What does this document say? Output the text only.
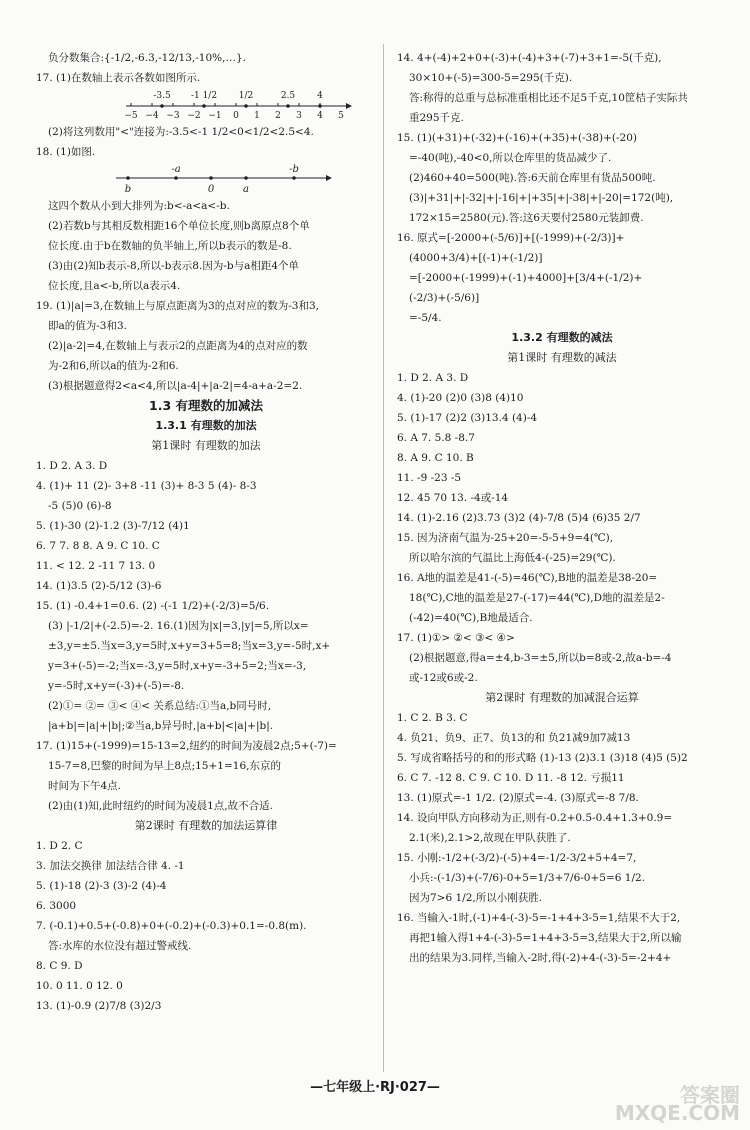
负分数集合:{-1/2,-6.3,-12/13,-10%,…}.
17. (1)在数轴上表示各数如图所示.
−5 −4 −3 −2 −1 0 1 2 3 4 5
-3.5 -1 1/2 1/2	2.5 4
(2)将这列数用"<"连接为:-3.5<-1 1/2<0<1/2<2.5<4.
18. (1)如图.
b
-a
0	a
-b
这四个数从小到大排列为:b<-a<a<-b.
(2)若数b与其相反数相距16个单位长度,则b离原点8个单
位长度.由于b在数轴的负半轴上,所以b表示的数是-8.
(3)由(2)知b表示-8,所以-b表示8.因为-b与a相距4个单
位长度,且a<-b,所以a表示4.
19. (1)|a|=3,在数轴上与原点距离为3的点对应的数为-3和3,
即a的值为-3和3.
(2)|a-2|=4,在数轴上与表示2的点距离为4的点对应的数
为-2和6,所以a的值为-2和6.
(3)根据题意得2<a<4,所以|a-4|+|a-2|=4-a+a-2=2.
1.3 有理数的加减法
1.3.1 有理数的加法
第1课时 有理数的加法
1. D 2. A 3. D
4. (1)+ 11 (2)- 3+8 -11 (3)+ 8-3 5 (4)- 8-3
-5 (5)0 (6)-8
5. (1)-30 (2)-1.2 (3)-7/12 (4)1
6. 7 7. 8 8. A 9. C 10. C
11. < 12. 2 -11 7 13. 0
14. (1)3.5 (2)-5/12 (3)-6
15. (1) -0.4+1=0.6. (2) -(-1 1/2)+(-2/3)=5/6.
(3) |-1/2|+(-2.5)=-2. 16.(1)因为|x|=3,|y|=5,所以x=
±3,y=±5.当x=3,y=5时,x+y=3+5=8;当x=3,y=-5时,x+
y=3+(-5)=-2;当x=-3,y=5时,x+y=-3+5=2;当x=-3,
y=-5时,x+y=(-3)+(-5)=-8.
(2)①= ②= ③< ④< 关系总结:①当a,b同号时,
|a+b|=|a|+|b|;②当a,b异号时,|a+b|<|a|+|b|.
17. (1)15+(-1999)=15-13=2,纽约的时间为凌晨2点;5+(-7)=
15-7=8,巴黎的时间为早上8点;15+1=16,东京的
时间为下午4点.
(2)由(1)知,此时纽约的时间为凌晨1点,故不合适.
第2课时 有理数的加法运算律
1. D 2. C
3. 加法交换律 加法结合律 4. -1
5. (1)-18 (2)-3 (3)-2 (4)-4
6. 3000
7. (-0.1)+0.5+(-0.8)+0+(-0.2)+(-0.3)+0.1=-0.8(m).
答:水库的水位没有超过警戒线.
8. C 9. D
10. 0 11. 0 12. 0
13. (1)-0.9 (2)7/8 (3)2/3
14. 4+(-4)+2+0+(-3)+(-4)+3+(-7)+3+1=-5(千克),
30×10+(-5)=300-5=295(千克).
答:称得的总重与总标准重相比还不足5千克,10筐桔子实际共
重295千克.
15. (1)(+31)+(-32)+(-16)+(+35)+(-38)+(-20)
=-40(吨),-40<0,所以仓库里的货品减少了.
(2)460+40=500(吨).答:6天前仓库里有货品500吨.
(3)|+31|+|-32|+|-16|+|+35|+|-38|+|-20|=172(吨),
172×15=2580(元).答:这6天要付2580元装卸费.
16. 原式=[-2000+(-5/6)]+[(-1999)+(-2/3)]+
(4000+3/4)+[(-1)+(-1/2)]
=[-2000+(-1999)+(-1)+4000]+[3/4+(-1/2)+
(-2/3)+(-5/6)]
=-5/4.
1.3.2 有理数的减法
第1课时 有理数的减法
1. D 2. A 3. D
4. (1)-20 (2)0 (3)8 (4)10
5. (1)-17 (2)2 (3)13.4 (4)-4
6. A 7. 5.8 -8.7
8. A 9. C 10. B
11. -9 -23 -5
12. 45 70 13. -4或-14
14. (1)-2.16 (2)3.73 (3)2 (4)-7/8 (5)4 (6)35 2/7
15. 因为济南气温为-25+20=-5-5+9=4(℃),
所以哈尔滨的气温比上海低4-(-25)=29(℃).
16. A地的温差是41-(-5)=46(℃),B地的温差是38-20=
18(℃),C地的温差是27-(-17)=44(℃),D地的温差是2-
(-42)=40(℃),B地最适合.
17. (1)①> ②< ③< ④>
(2)根据题意,得a=±4,b-3=±5,所以b=8或-2,故a-b=-4
或-12或6或-2.
第2课时 有理数的加减混合运算
1. C 2. B 3. C
4. 负21、负9、正7、负13的和 负21减9加7减13
5. 写成省略括号的和的形式略 (1)-13 (2)3.1 (3)18 (4)5 (5)2
6. C 7. -12 8. C 9. C 10. D 11. -8 12. 亏损11
13. (1)原式=-1 1/2. (2)原式=-4. (3)原式=-8 7/8.
14. 设向甲队方向移动为正,则有-0.2+0.5-0.4+1.3+0.9=
2.1(米),2.1>2,故现在甲队获胜了.
15. 小刚:-1/2+(-3/2)-(-5)+4=-1/2-3/2+5+4=7,
小兵:-(-1/3)+(-7/6)-0+5=1/3+7/6-0+5=6 1/2.
因为7>6 1/2,所以小刚获胜.
16. 当输入-1时,(-1)+4-(-3)-5=-1+4+3-5=1,结果不大于2,
再把1输入得1+4-(-3)-5=1+4+3-5=3,结果大于2,所以输
出的结果为3.同样,当输入-2时,得(-2)+4-(-3)-5=-2+4+
—七年级上·RJ·027—	答案圈
MXQE.COM
